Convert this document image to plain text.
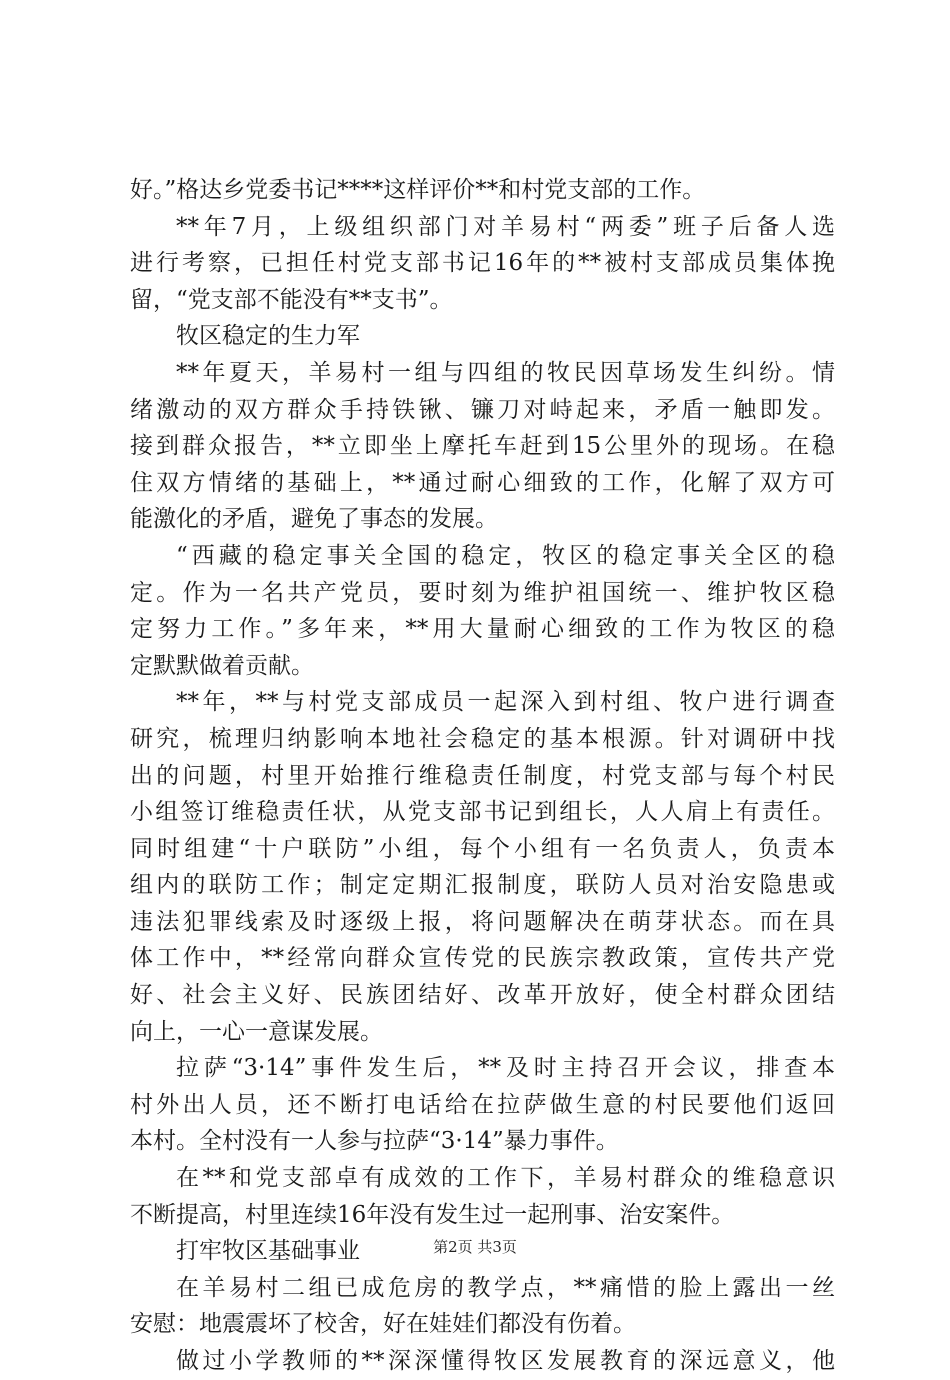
好。”格达乡党委书记****这样评价**和村党支部的工作。
**年7月，上级组织部门对羊易村“两委”班子后备人选
进行考察，已担任村党支部书记16年的**被村支部成员集体挽
留，“党支部不能没有**支书”。
牧区稳定的生力军
**年夏天，羊易村一组与四组的牧民因草场发生纠纷。情
绪激动的双方群众手持铁锹、镰刀对峙起来，矛盾一触即发。
接到群众报告，**立即坐上摩托车赶到15公里外的现场。在稳
住双方情绪的基础上，**通过耐心细致的工作，化解了双方可
能激化的矛盾，避免了事态的发展。
“西藏的稳定事关全国的稳定，牧区的稳定事关全区的稳
定。作为一名共产党员，要时刻为维护祖国统一、维护牧区稳
定努力工作。”多年来，**用大量耐心细致的工作为牧区的稳
定默默做着贡献。
**年，**与村党支部成员一起深入到村组、牧户进行调查
研究，梳理归纳影响本地社会稳定的基本根源。针对调研中找
出的问题，村里开始推行维稳责任制度，村党支部与每个村民
小组签订维稳责任状，从党支部书记到组长，人人肩上有责任。
同时组建“十户联防”小组，每个小组有一名负责人，负责本
组内的联防工作；制定定期汇报制度，联防人员对治安隐患或
违法犯罪线索及时逐级上报，将问题解决在萌芽状态。而在具
体工作中，**经常向群众宣传党的民族宗教政策，宣传共产党
好、社会主义好、民族团结好、改革开放好，使全村群众团结
向上，一心一意谋发展。
拉萨“3·14”事件发生后，**及时主持召开会议，排查本
村外出人员，还不断打电话给在拉萨做生意的村民要他们返回
本村。全村没有一人参与拉萨“3·14”暴力事件。
在**和党支部卓有成效的工作下，羊易村群众的维稳意识
不断提高，村里连续16年没有发生过一起刑事、治安案件。
打牢牧区基础事业
在羊易村二组已成危房的教学点，**痛惜的脸上露出一丝
安慰：地震震坏了校舍，好在娃娃们都没有伤着。
做过小学教师的**深深懂得牧区发展教育的深远意义，他
第2页 共3页
